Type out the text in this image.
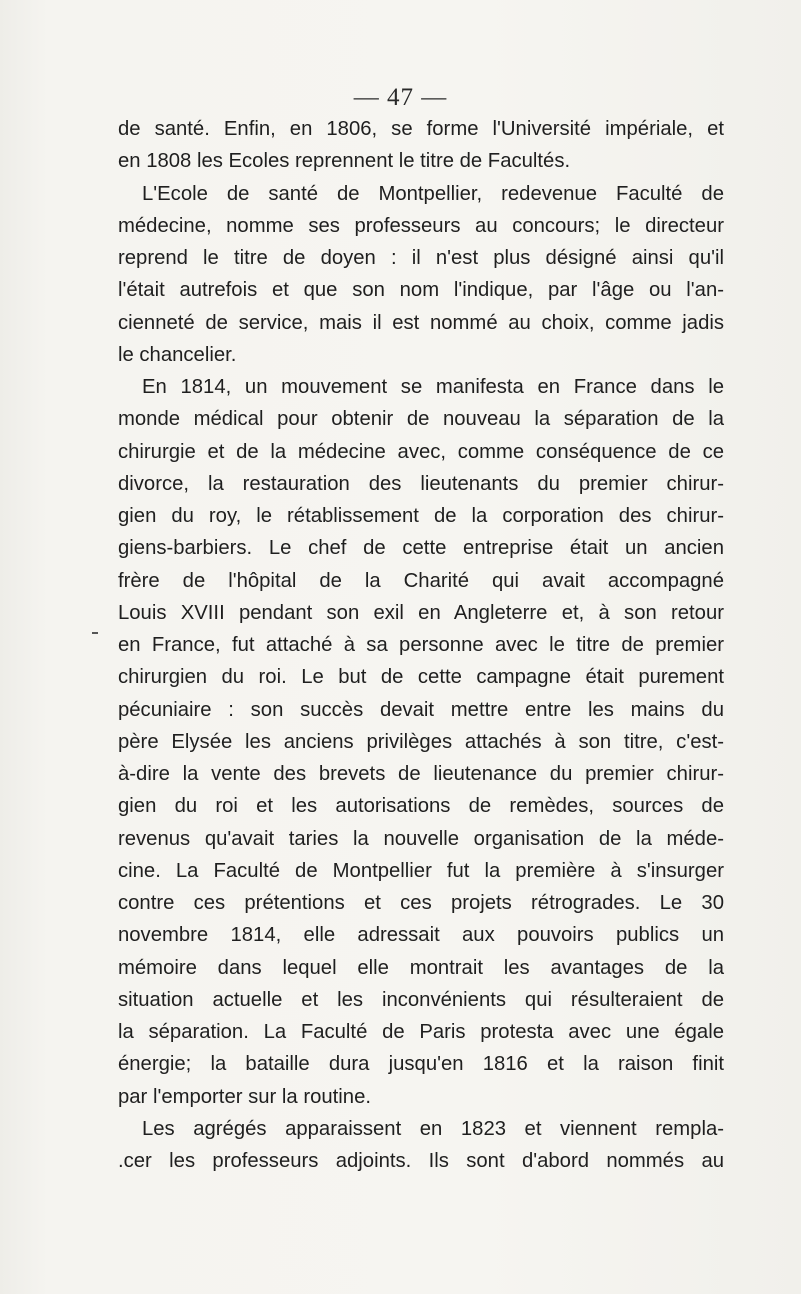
— 47 —
de santé. Enfin, en 1806, se forme l'Université impériale, et
en 1808 les Ecoles reprennent le titre de Facultés.
L'Ecole de santé de Montpellier, redevenue Faculté de
médecine, nomme ses professeurs au concours; le directeur
reprend le titre de doyen : il n'est plus désigné ainsi qu'il
l'était autrefois et que son nom l'indique, par l'âge ou l'an-
cienneté de service, mais il est nommé au choix, comme jadis
le chancelier.
En 1814, un mouvement se manifesta en France dans le
monde médical pour obtenir de nouveau la séparation de la
chirurgie et de la médecine avec, comme conséquence de ce
divorce, la restauration des lieutenants du premier chirur-
gien du roy, le rétablissement de la corporation des chirur-
giens-barbiers. Le chef de cette entreprise était un ancien
frère de l'hôpital de la Charité qui avait accompagné
Louis XVIII pendant son exil en Angleterre et, à son retour
en France, fut attaché à sa personne avec le titre de premier
chirurgien du roi. Le but de cette campagne était purement
pécuniaire : son succès devait mettre entre les mains du
père Elysée les anciens privilèges attachés à son titre, c'est-
à-dire la vente des brevets de lieutenance du premier chirur-
gien du roi et les autorisations de remèdes, sources de
revenus qu'avait taries la nouvelle organisation de la méde-
cine. La Faculté de Montpellier fut la première à s'insurger
contre ces prétentions et ces projets rétrogrades. Le 30
novembre 1814, elle adressait aux pouvoirs publics un
mémoire dans lequel elle montrait les avantages de la
situation actuelle et les inconvénients qui résulteraient de
la séparation. La Faculté de Paris protesta avec une égale
énergie; la bataille dura jusqu'en 1816 et la raison finit
par l'emporter sur la routine.
Les agrégés apparaissent en 1823 et viennent rempla-
.cer les professeurs adjoints. Ils sont d'abord nommés au
